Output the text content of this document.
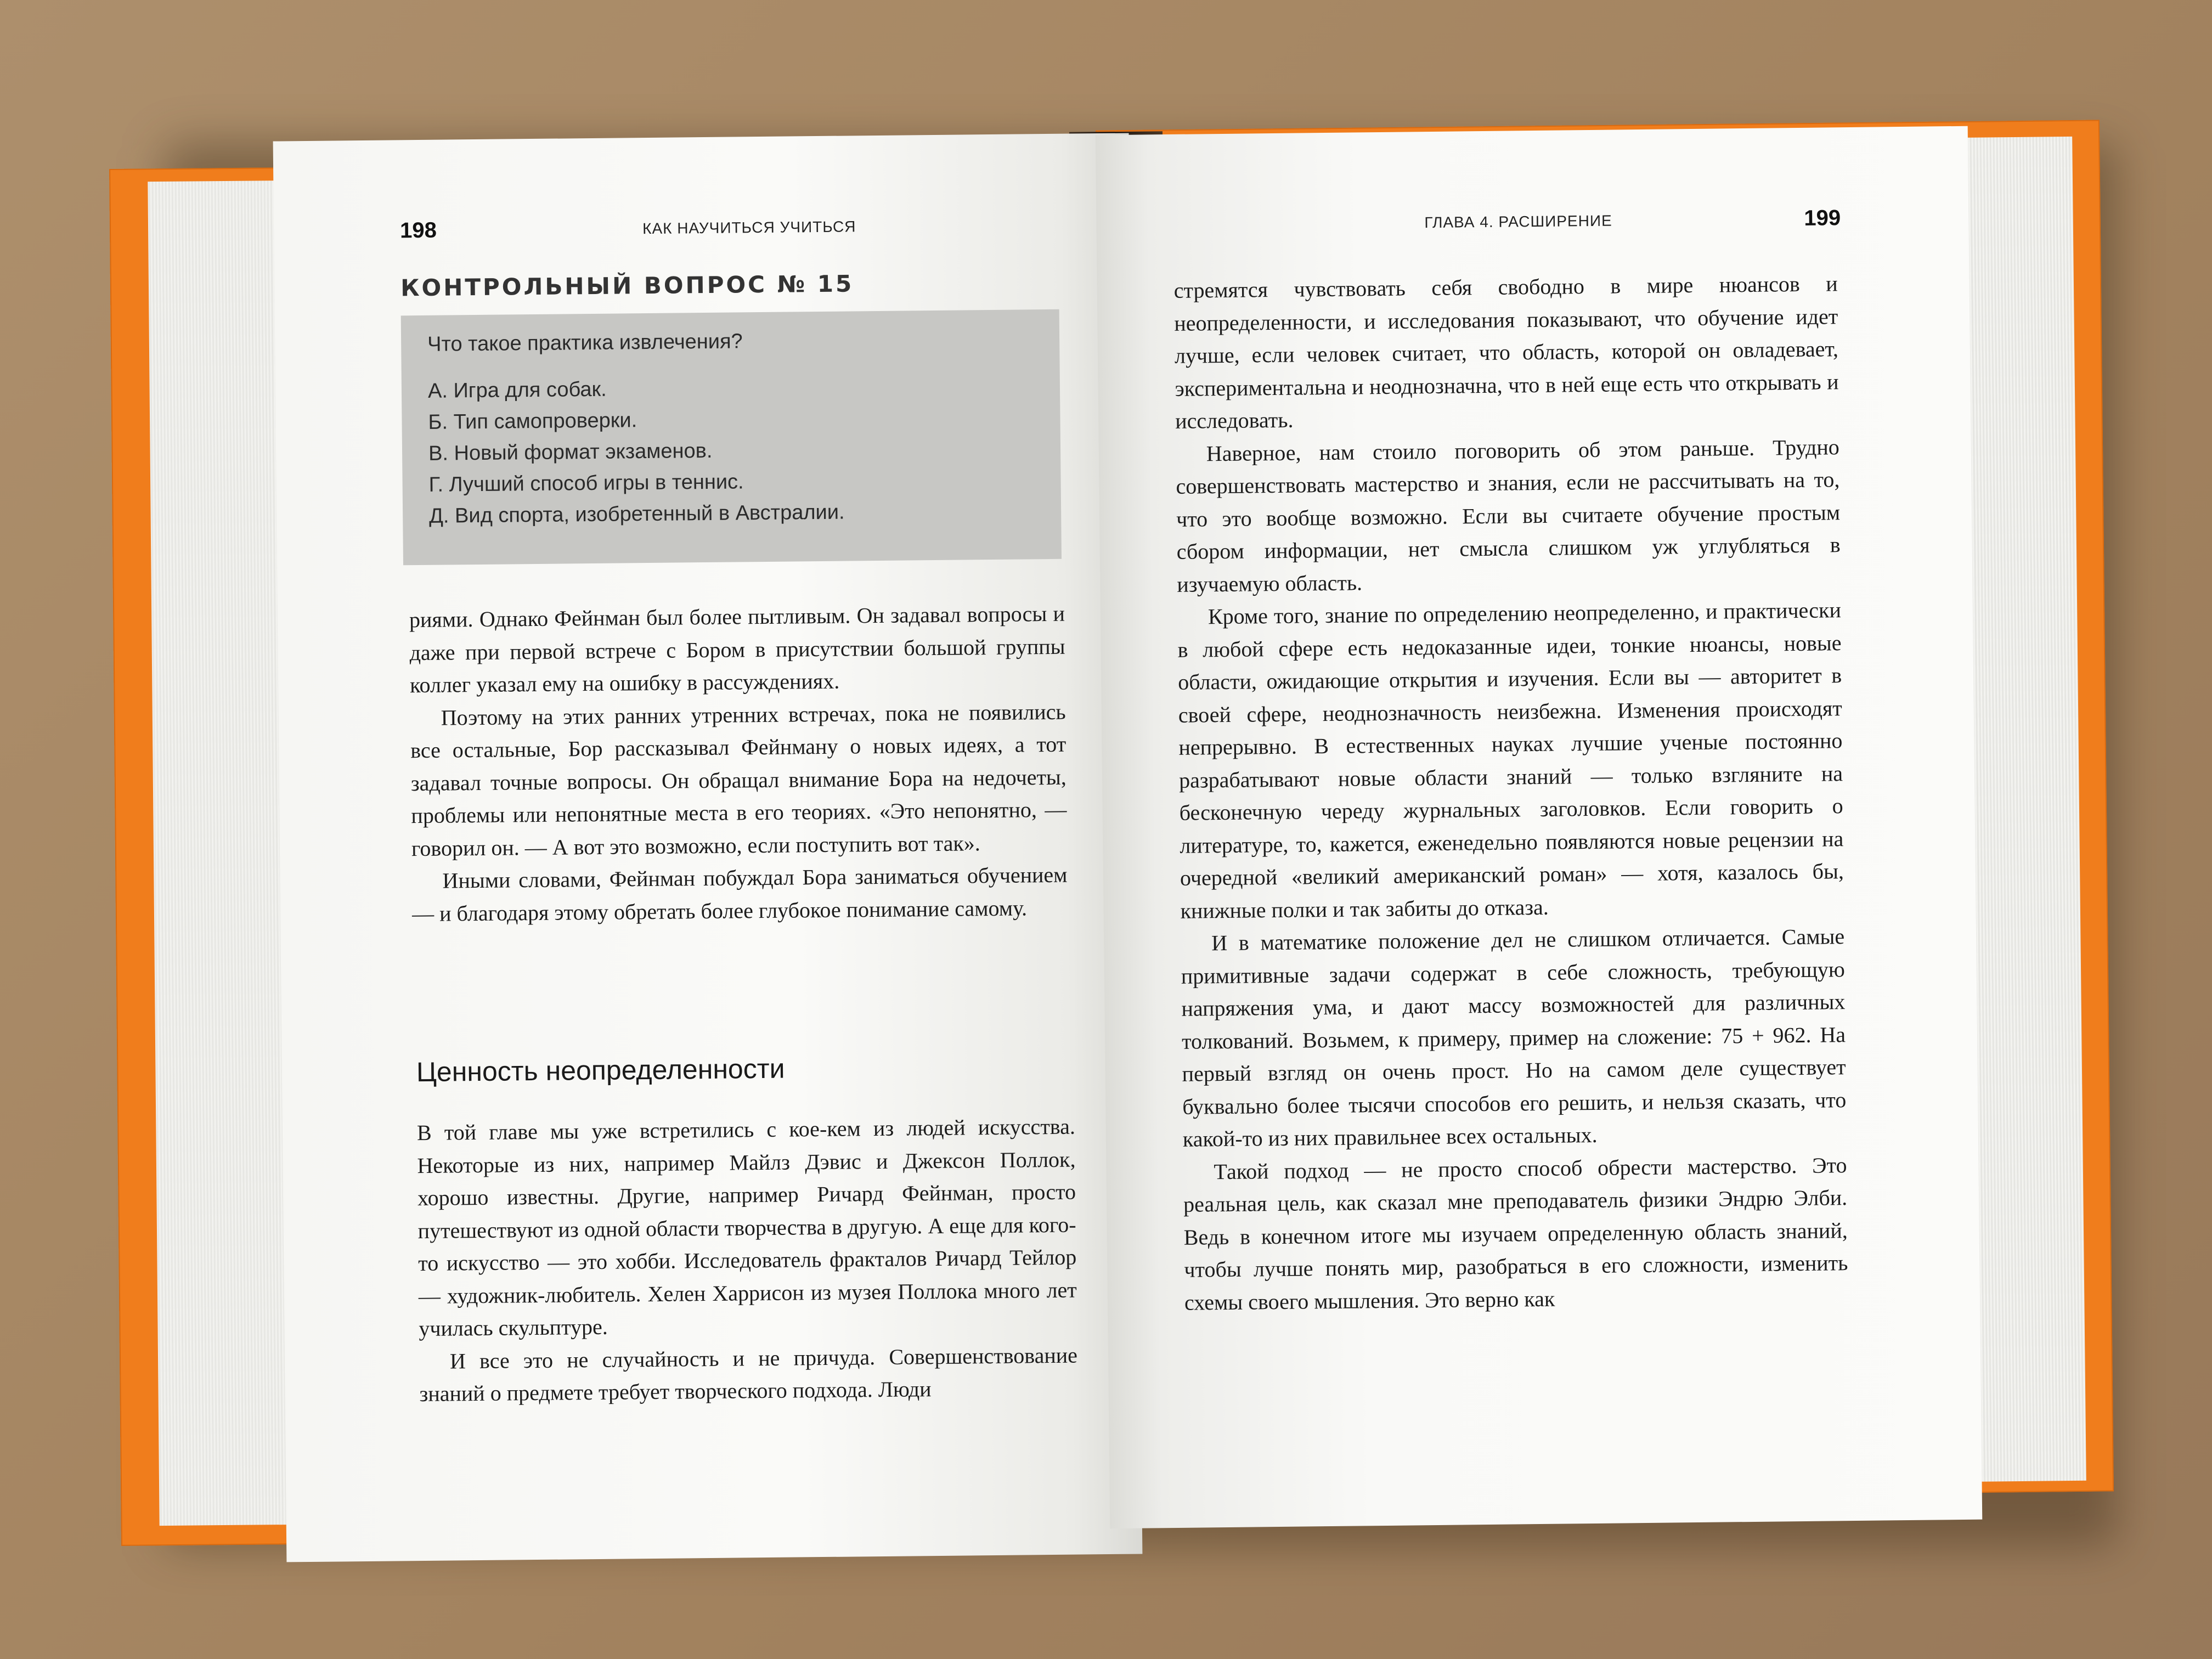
198	КАК НАУЧИТЬСЯ УЧИТЬСЯ
КОНТРОЛЬНЫЙ ВОПРОС № 15
Что такое практика извлечения?
А. Игра для собак.
Б. Тип самопроверки.
В. Новый формат экзаменов.
Г. Лучший способ игры в теннис.
Д. Вид спорта, изобретенный в Австралии.

риями. Однако Фейнман был более пытливым. Он задавал вопросы и даже при первой встрече с Бором в присутствии большой группы коллег указал ему на ошибку в рассуждениях.

Поэтому на этих ранних утренних встречах, пока не появились все остальные, Бор рассказывал Фейнману о новых идеях, а тот задавал точные вопросы. Он обращал внимание Бора на недочеты, проблемы или непонятные места в его теориях. «Это непонятно, — говорил он. — А вот это возможно, если поступить вот так».

Иными словами, Фейнман побуждал Бора заниматься обучением — и благодаря этому обретать более глубокое понимание самому.

Ценность неопределенности

В той главе мы уже встретились с кое-кем из людей искусства. Некоторые из них, например Майлз Дэвис и Джексон Поллок, хорошо известны. Другие, например Ричард Фейнман, просто путешествуют из одной области творчества в другую. А еще для кого-то искусство — это хобби. Исследователь фракталов Ричард Тейлор — художник-любитель. Хелен Харрисон из музея Поллока много лет училась скульптуре.

И все это не случайность и не причуда. Совершенствование знаний о предмете требует творческого подхода. Люди

ГЛАВА 4. РАСШИРЕНИЕ	199

стремятся чувствовать себя свободно в мире нюансов и неопределенности, и исследования показывают, что обучение идет лучше, если человек считает, что область, которой он овладевает, экспериментальна и неоднозначна, что в ней еще есть что открывать и исследовать.

Наверное, нам стоило поговорить об этом раньше. Трудно совершенствовать мастерство и знания, если не рассчитывать на то, что это вообще возможно. Если вы считаете обучение простым сбором информации, нет смысла слишком уж углубляться в изучаемую область.

Кроме того, знание по определению неопределенно, и практически в любой сфере есть недоказанные идеи, тонкие нюансы, новые области, ожидающие открытия и изучения. Если вы — авторитет в своей сфере, неоднозначность неизбежна. Изменения происходят непрерывно. В естественных науках лучшие ученые постоянно разрабатывают новые области знаний — только взгляните на бесконечную череду журнальных заголовков. Если говорить о литературе, то, кажется, еженедельно появляются новые рецензии на очередной «великий американский роман» — хотя, казалось бы, книжные полки и так забиты до отказа.

И в математике положение дел не слишком отличается. Самые примитивные задачи содержат в себе сложность, требующую напряжения ума, и дают массу возможностей для различных толкований. Возьмем, к примеру, пример на сложение: 75 + 962. На первый взгляд он очень прост. Но на самом деле существует буквально более тысячи способов его решить, и нельзя сказать, что какой-то из них правильнее всех остальных.

Такой подход — не просто способ обрести мастерство. Это реальная цель, как сказал мне преподаватель физики Эндрю Элби. Ведь в конечном итоге мы изучаем определенную область знаний, чтобы лучше понять мир, разобраться в его сложности, изменить схемы своего мышления. Это верно как
